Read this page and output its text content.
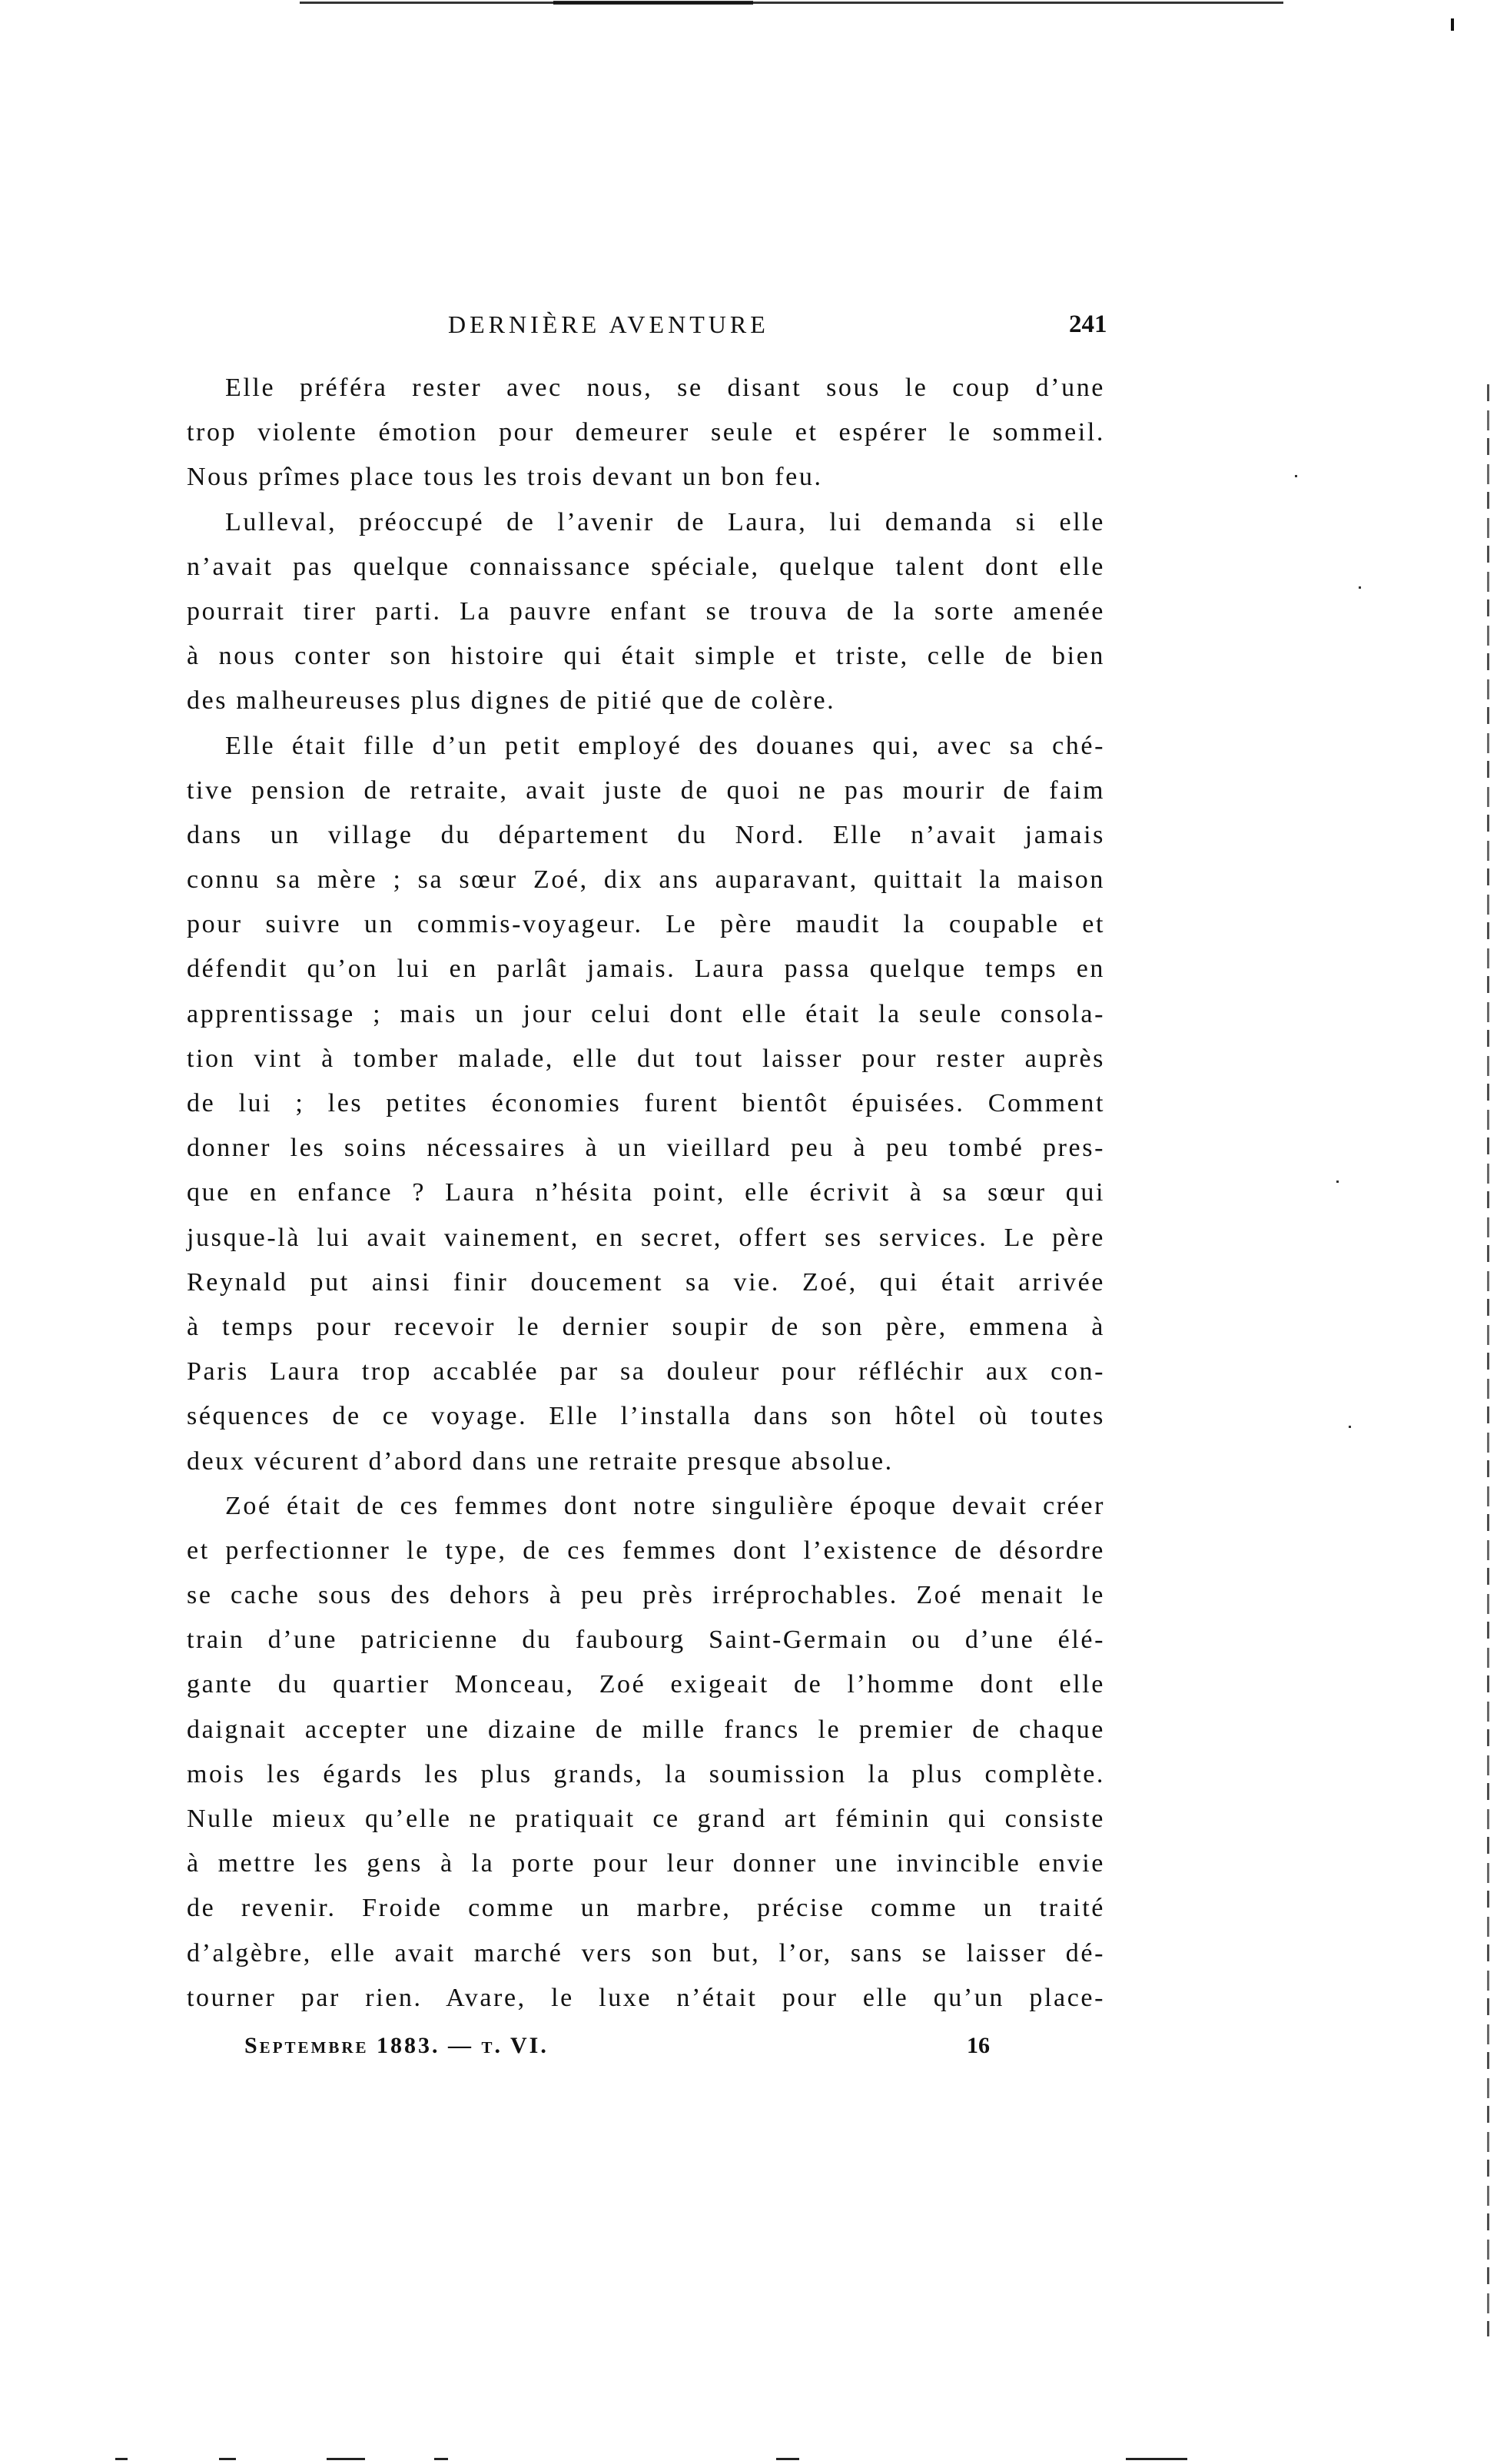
DERNIÈRE AVENTURE	241
Elle préféra rester avec nous, se disant sous le coup d’une
trop violente émotion pour demeurer seule et espérer le sommeil.
Nous prîmes place tous les trois devant un bon feu.
Lulleval, préoccupé de l’avenir de Laura, lui demanda si elle
n’avait pas quelque connaissance spéciale, quelque talent dont elle
pourrait tirer parti. La pauvre enfant se trouva de la sorte amenée
à nous conter son histoire qui était simple et triste, celle de bien
des malheureuses plus dignes de pitié que de colère.
Elle était fille d’un petit employé des douanes qui, avec sa ché-
tive pension de retraite, avait juste de quoi ne pas mourir de faim
dans un village du département du Nord. Elle n’avait jamais
connu sa mère ; sa sœur Zoé, dix ans auparavant, quittait la maison
pour suivre un commis-voyageur. Le père maudit la coupable et
défendit qu’on lui en parlât jamais. Laura passa quelque temps en
apprentissage ; mais un jour celui dont elle était la seule consola-
tion vint à tomber malade, elle dut tout laisser pour rester auprès
de lui ; les petites économies furent bientôt épuisées. Comment
donner les soins nécessaires à un vieillard peu à peu tombé pres-
que en enfance ? Laura n’hésita point, elle écrivit à sa sœur qui
jusque-là lui avait vainement, en secret, offert ses services. Le père
Reynald put ainsi finir doucement sa vie. Zoé, qui était arrivée
à temps pour recevoir le dernier soupir de son père, emmena à
Paris Laura trop accablée par sa douleur pour réfléchir aux con-
séquences de ce voyage. Elle l’installa dans son hôtel où toutes
deux vécurent d’abord dans une retraite presque absolue.
Zoé était de ces femmes dont notre singulière époque devait créer
et perfectionner le type, de ces femmes dont l’existence de désordre
se cache sous des dehors à peu près irréprochables. Zoé menait le
train d’une patricienne du faubourg Saint-Germain ou d’une élé-
gante du quartier Monceau, Zoé exigeait de l’homme dont elle
daignait accepter une dizaine de mille francs le premier de chaque
mois les égards les plus grands, la soumission la plus complète.
Nulle mieux qu’elle ne pratiquait ce grand art féminin qui consiste
à mettre les gens à la porte pour leur donner une invincible envie
de revenir. Froide comme un marbre, précise comme un traité
d’algèbre, elle avait marché vers son but, l’or, sans se laisser dé-
tourner par rien. Avare, le luxe n’était pour elle qu’un place-
Septembre 1883. — t. VI.	16
